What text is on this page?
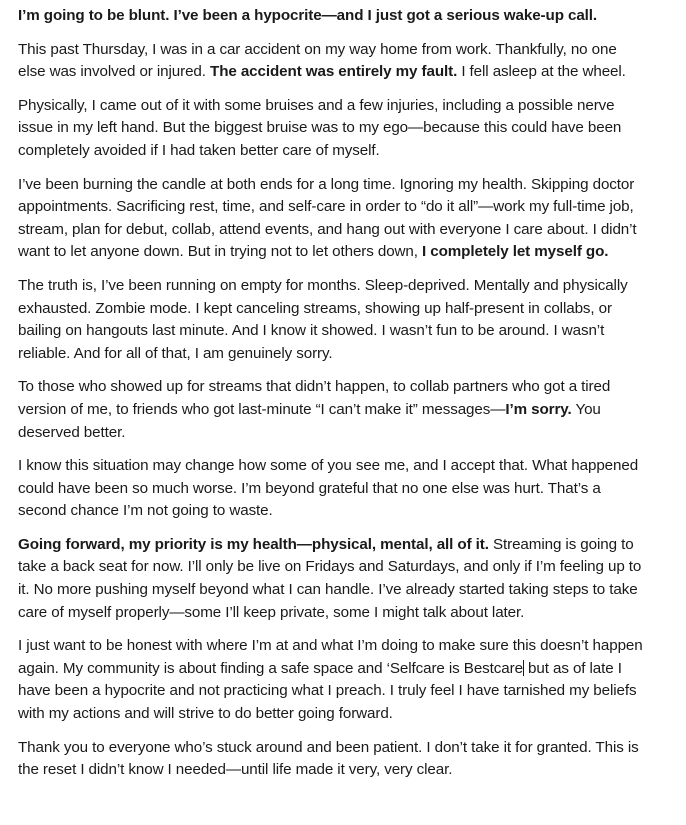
I’m going to be blunt. I’ve been a hypocrite—and I just got a serious wake-up call.

This past Thursday, I was in a car accident on my way home from work. Thankfully, no one else was involved or injured. The accident was entirely my fault. I fell asleep at the wheel.

Physically, I came out of it with some bruises and a few injuries, including a possible nerve issue in my left hand. But the biggest bruise was to my ego—because this could have been completely avoided if I had taken better care of myself.

I’ve been burning the candle at both ends for a long time. Ignoring my health. Skipping doctor appointments. Sacrificing rest, time, and self-care in order to “do it all”—work my full-time job, stream, plan for debut, collab, attend events, and hang out with everyone I care about. I didn’t want to let anyone down. But in trying not to let others down, I completely let myself go.

The truth is, I’ve been running on empty for months. Sleep-deprived. Mentally and physically exhausted. Zombie mode. I kept canceling streams, showing up half-present in collabs, or bailing on hangouts last minute. And I know it showed. I wasn’t fun to be around. I wasn’t reliable. And for all of that, I am genuinely sorry.

To those who showed up for streams that didn’t happen, to collab partners who got a tired version of me, to friends who got last-minute “I can’t make it” messages—I’m sorry. You deserved better.

I know this situation may change how some of you see me, and I accept that. What happened could have been so much worse. I’m beyond grateful that no one else was hurt. That’s a second chance I’m not going to waste.

Going forward, my priority is my health—physical, mental, all of it. Streaming is going to take a back seat for now. I’ll only be live on Fridays and Saturdays, and only if I’m feeling up to it. No more pushing myself beyond what I can handle. I’ve already started taking steps to take care of myself properly—some I’ll keep private, some I might talk about later.

I just want to be honest with where I’m at and what I’m doing to make sure this doesn’t happen again. My community is about finding a safe space and ‘Selfcare is Bestcare but as of late I have been a hypocrite and not practicing what I preach. I truly feel I have tarnished my beliefs with my actions and will strive to do better going forward.

Thank you to everyone who’s stuck around and been patient. I don’t take it for granted. This is the reset I didn’t know I needed—until life made it very, very clear.
